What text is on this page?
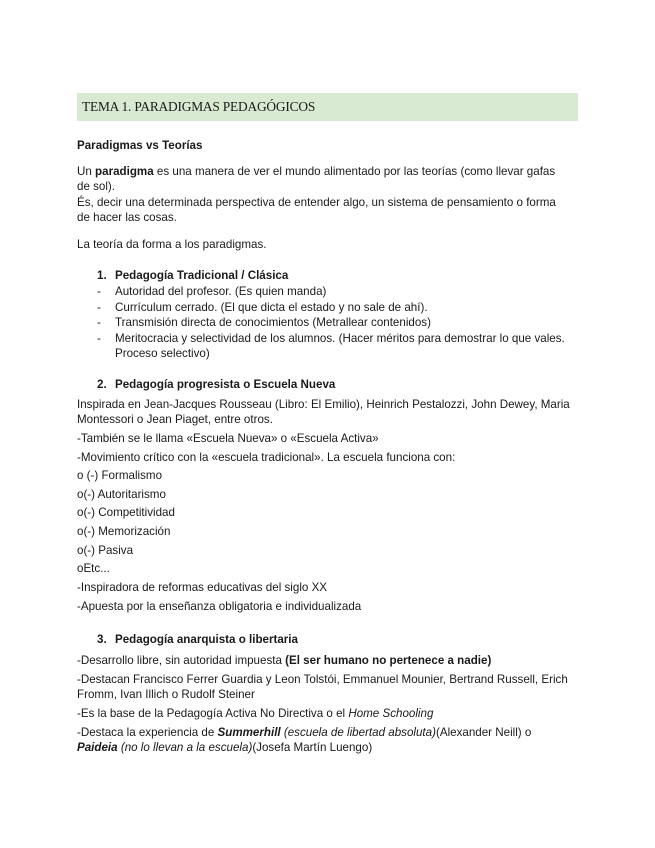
TEMA 1. PARADIGMAS PEDAGÓGICOS
Paradigmas vs Teorías
Un paradigma es una manera de ver el mundo alimentado por las teorías (como llevar gafas
de sol).
És, decir una determinada perspectiva de entender algo, un sistema de pensamiento o forma
de hacer las cosas.
La teoría da forma a los paradigmas.
1. Pedagogía Tradicional / Clásica
- Autoridad del profesor. (Es quien manda)
- Currículum cerrado. (El que dicta el estado y no sale de ahí).
- Transmisión directa de conocimientos (Metrallear contenidos)
- Meritocracia y selectividad de los alumnos. (Hacer méritos para demostrar lo que vales.
Proceso selectivo)
2. Pedagogía progresista o Escuela Nueva
Inspirada en Jean-Jacques Rousseau (Libro: El Emilio), Heinrich Pestalozzi, John Dewey, Maria
Montessori o Jean Piaget, entre otros.
-También se le llama «Escuela Nueva» o «Escuela Activa»
-Movimiento crítico con la «escuela tradicional». La escuela funciona con:
o (-) Formalismo
o(-) Autoritarismo
o(-) Competitividad
o(-) Memorización
o(-) Pasiva
oEtc...
-Inspiradora de reformas educativas del siglo XX
-Apuesta por la enseñanza obligatoria e individualizada
3. Pedagogía anarquista o libertaria
-Desarrollo libre, sin autoridad impuesta (El ser humano no pertenece a nadie)
-Destacan Francisco Ferrer Guardia y Leon Tolstói, Emmanuel Mounier, Bertrand Russell, Erich
Fromm, Ivan Illich o Rudolf Steiner
-Es la base de la Pedagogía Activa No Directiva o el Home Schooling
-Destaca la experiencia de Summerhill (escuela de libertad absoluta)(Alexander Neill) o
Paideia (no lo llevan a la escuela)(Josefa Martín Luengo)
